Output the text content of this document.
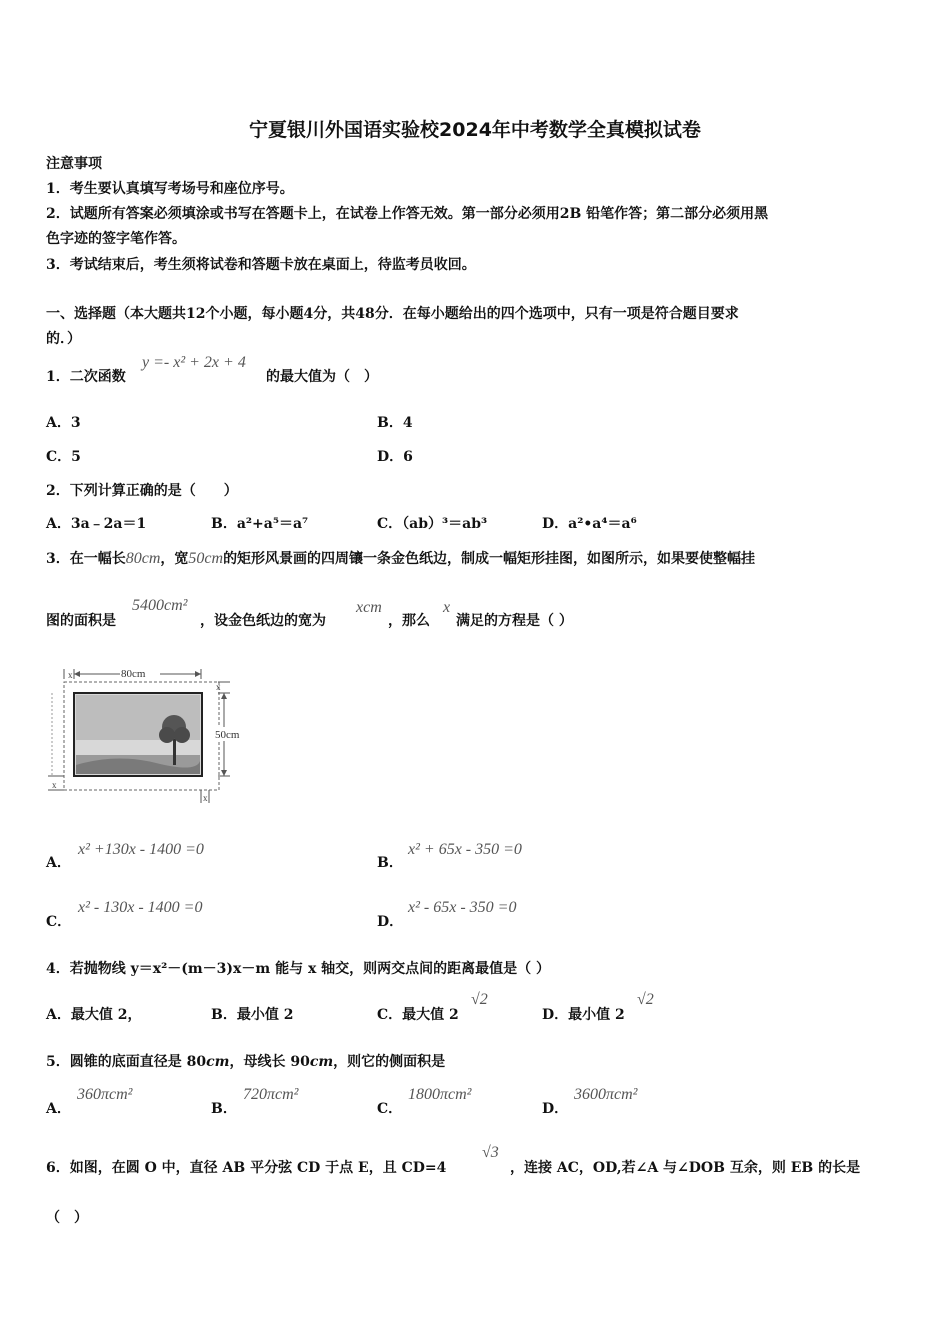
宁夏银川外国语实验校2024年中考数学全真模拟试卷
注意事项
1．考生要认真填写考场号和座位序号。
2．试题所有答案必须填涂或书写在答题卡上，在试卷上作答无效。第一部分必须用2B 铅笔作答；第二部分必须用黑
色字迹的签字笔作答。
3．考试结束后，考生须将试卷和答题卡放在桌面上，待监考员收回。
一、选择题（本大题共12个小题，每小题4分，共48分．在每小题给出的四个选项中，只有一项是符合题目要求
的．）
1．二次函数
y =- x² + 2x + 4
的最大值为（　）
A．3	B．4
C．5	D．6
2．下列计算正确的是（　　）
A．3a﹣2a＝1	B．a²+a⁵＝a⁷	C．（ab）³＝ab³	D．a²•a⁴＝a⁶
3．在一幅长80cm，宽50cm的矩形风景画的四周镶一条金色纸边，制成一幅矩形挂图，如图所示，如果要使整幅挂
图的面积是
5400cm²
，设金色纸边的宽为
xcm
，那么
x
满足的方程是（ ）
x	80cm
x
50cm
x
x
A．
x² +130x - 1400 =0
B．
x² + 65x - 350 =0
C．
x² - 130x - 1400 =0
D．
x² - 65x - 350 =0
4．若抛物线 y＝x²－(m－3)x－m 能与 x 轴交，则两交点间的距离最值是（ ）
A．最大值 2，	B．最小值 2	C．最大值 2
√2
D．最小值 2
√2
5．圆锥的底面直径是 80cm，母线长 90cm，则它的侧面积是
A．
360πcm²
B．
720πcm²
C．
1800πcm²
D．
3600πcm²
6．如图，在圆 O 中，直径 AB 平分弦 CD 于点 E，且 CD=4
√3
，连接 AC，OD,若∠A 与∠DOB 互余，则 EB 的长是
（　）
